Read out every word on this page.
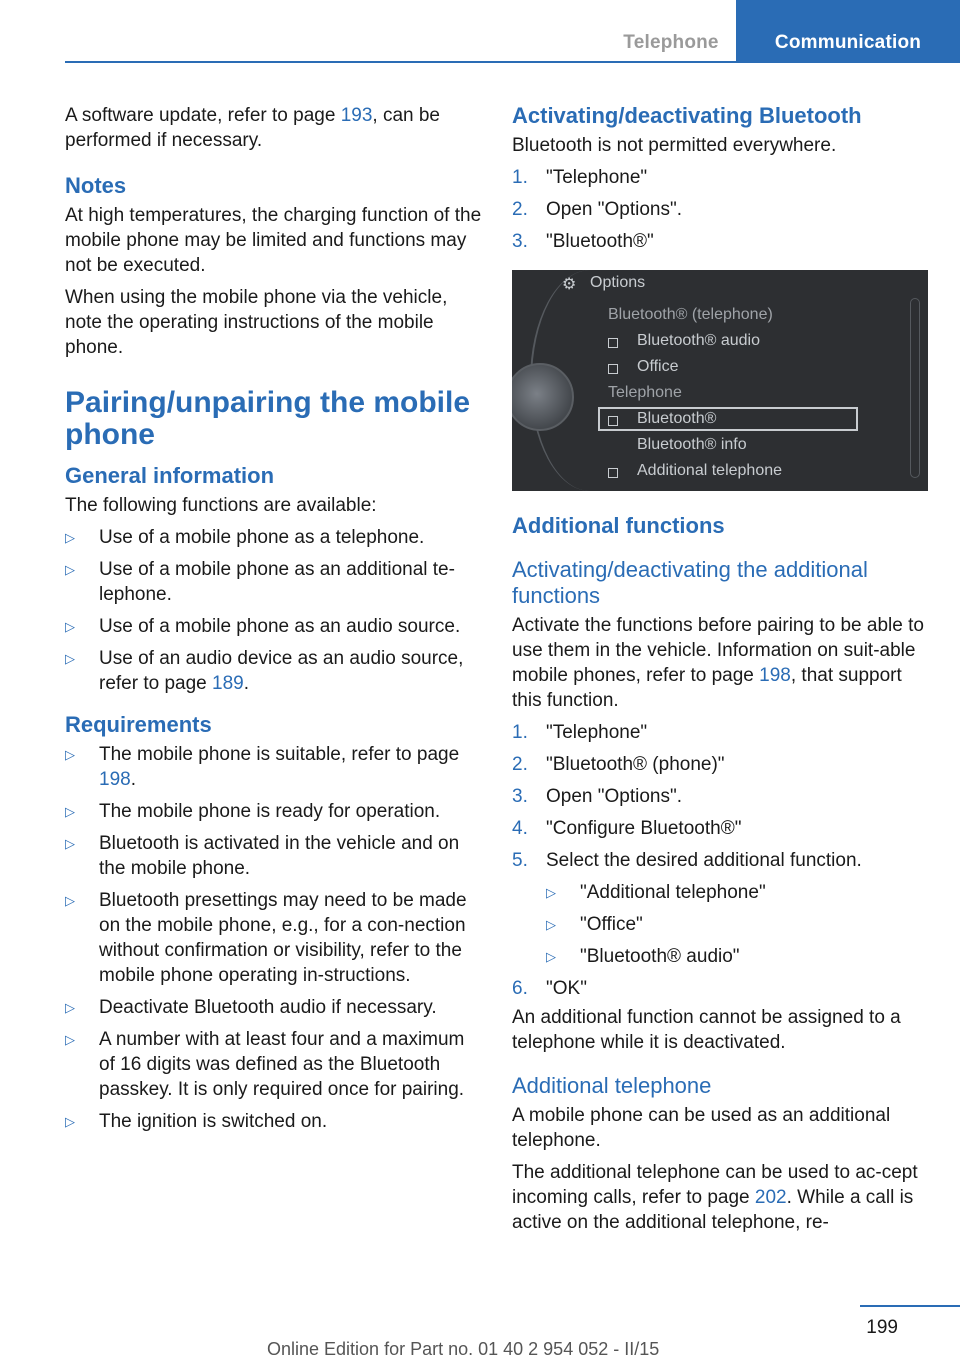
Telephone	Communication

A software update, refer to page 193, can be performed if necessary.

Notes

At high temperatures, the charging function of the mobile phone may be limited and functions may not be executed.

When using the mobile phone via the vehicle, note the operating instructions of the mobile phone.

Pairing/unpairing the mobile phone
General information

The following functions are available:

▷ Use of a mobile phone as a telephone.
▷ Use of a mobile phone as an additional te‐lephone.
▷ Use of a mobile phone as an audio source.
▷ Use of an audio device as an audio source, refer to page 189.
Requirements
▷ The mobile phone is suitable, refer to page 198.
▷ The mobile phone is ready for operation.
▷ Bluetooth is activated in the vehicle and on the mobile phone.
▷ Bluetooth presettings may need to be made on the mobile phone, e.g., for a con‐nection without confirmation or visibility, refer to the mobile phone operating in‐structions.
▷ Deactivate Bluetooth audio if necessary.
▷ A number with at least four and a maximum of 16 digits was defined as the Bluetooth passkey. It is only required once for pairing.
▷ The ignition is switched on.
Activating/deactivating Bluetooth

Bluetooth is not permitted everywhere.

1. "Telephone"
2. Open "Options".
3. "Bluetooth®"
⚙ Options
Bluetooth® (telephone)
Bluetooth® audio
Office
Telephone
Bluetooth®
Bluetooth® info
Additional telephone
Additional functions
Activating/deactivating the additional functions

Activate the functions before pairing to be able to use them in the vehicle. Information on suit‐able mobile phones, refer to page 198, that support this function.

1. "Telephone"
2. "Bluetooth® (phone)"
3. Open "Options".
4. "Configure Bluetooth®"
5. Select the desired additional function.
▷ "Additional telephone"
▷ "Office"
▷ "Bluetooth® audio"
6. "OK"

An additional function cannot be assigned to a telephone while it is deactivated.

Additional telephone

A mobile phone can be used as an additional telephone.

The additional telephone can be used to ac‐cept incoming calls, refer to page 202. While a call is active on the additional telephone, re‐

199
Online Edition for Part no. 01 40 2 954 052 - II/15
